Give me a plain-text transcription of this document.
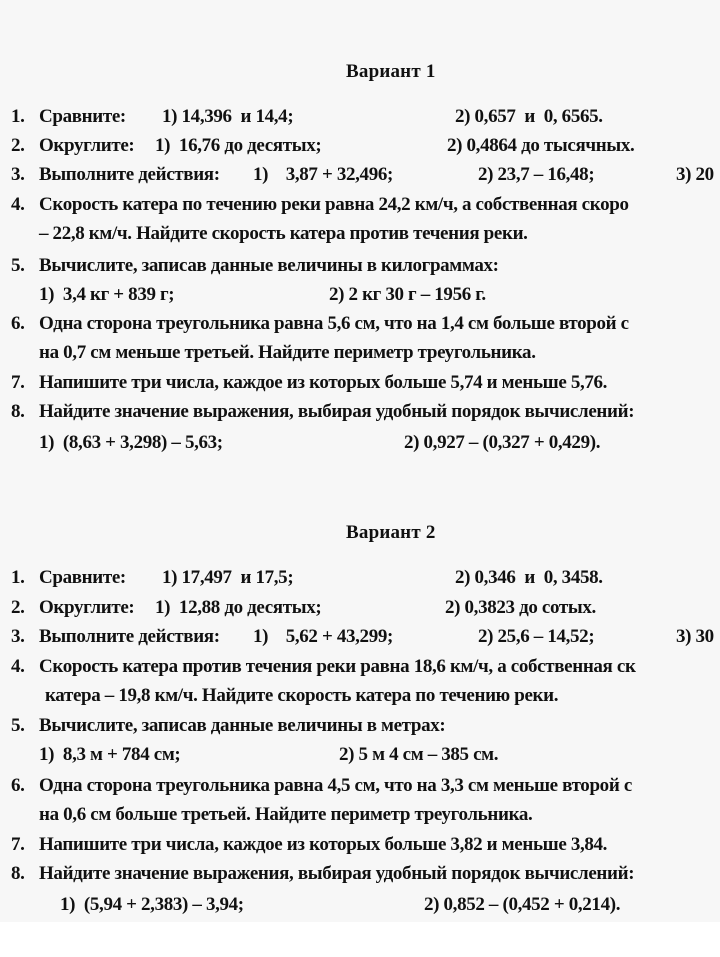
Вариант 1
1. Сравните: 1) 14,396  и 14,4;	2) 0,657  и  0, 6565.
2. Округлите: 1)  16,76 до десятых;	2) 0,4864 до тысячных.
3. Выполните действия: 1)    3,87 + 32,496;	2) 23,7 – 16,48;	3) 20
4. Скорость катера по течению реки равна 24,2 км/ч, а собственная скоро
– 22,8 км/ч. Найдите скорость катера против течения реки.
5. Вычислите, записав данные величины в килограммах:
1)  3,4 кг + 839 г;	2) 2 кг 30 г – 1956 г.
6. Одна сторона треугольника равна 5,6 см, что на 1,4 см больше второй с
на 0,7 см меньше третьей. Найдите периметр треугольника.
7. Напишите три числа, каждое из которых больше 5,74 и меньше 5,76.
8. Найдите значение выражения, выбирая удобный порядок вычислений:
1)  (8,63 + 3,298) – 5,63;	2) 0,927 – (0,327 + 0,429).
Вариант 2
1. Сравните: 1) 17,497  и 17,5;	2) 0,346  и  0, 3458.
2. Округлите: 1)  12,88 до десятых;	2) 0,3823 до сотых.
3. Выполните действия: 1)    5,62 + 43,299;	2) 25,6 – 14,52;	3) 30
4. Скорость катера против течения реки равна 18,6 км/ч, а собственная ск
катера – 19,8 км/ч. Найдите скорость катера по течению реки.
5. Вычислите, записав данные величины в метрах:
1)  8,3 м + 784 см;	2) 5 м 4 см – 385 см.
6. Одна сторона треугольника равна 4,5 см, что на 3,3 см меньше второй с
на 0,6 см больше третьей. Найдите периметр треугольника.
7. Напишите три числа, каждое из которых больше 3,82 и меньше 3,84.
8. Найдите значение выражения, выбирая удобный порядок вычислений:
1)  (5,94 + 2,383) – 3,94;	2) 0,852 – (0,452 + 0,214).
